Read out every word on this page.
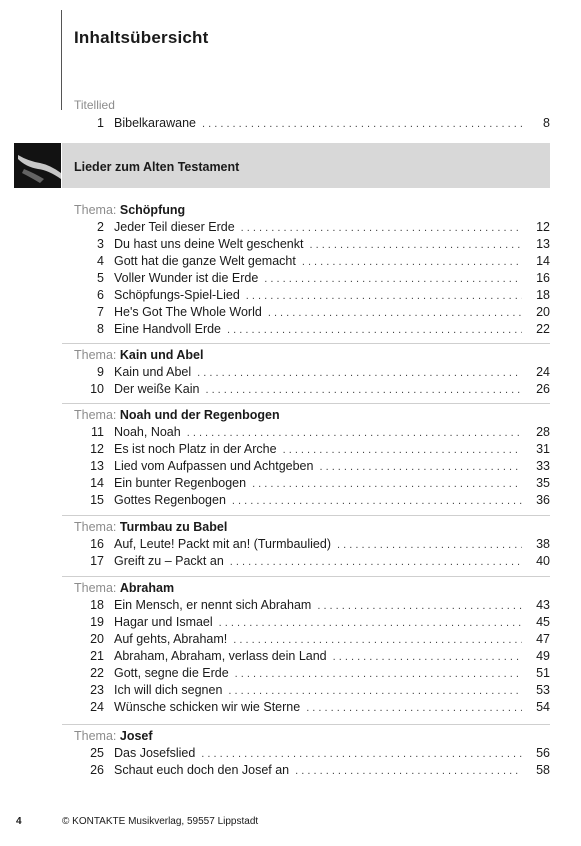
Inhaltsübersicht
Titellied
1 Bibelkarawane . . .	8
Lieder zum Alten Testament
Thema: Schöpfung
2 Jeder Teil dieser Erde . . .	12
3 Du hast uns deine Welt geschenkt . . .	13
4 Gott hat die ganze Welt gemacht . . .	14
5 Voller Wunder ist die Erde . . .	16
6 Schöpfungs-Spiel-Lied . . .	18
7 He's Got The Whole World . . .	20
8 Eine Handvoll Erde . . .	22
Thema: Kain und Abel
9 Kain und Abel . . .	24
10 Der weiße Kain . . .	26
Thema: Noah und der Regenbogen
11 Noah, Noah . . .	28
12 Es ist noch Platz in der Arche . . .	31
13 Lied vom Aufpassen und Achtgeben . . .	33
14 Ein bunter Regenbogen . . .	35
15 Gottes Regenbogen . . .	36
Thema: Turmbau zu Babel
16 Auf, Leute! Packt mit an! (Turmbaulied) . . .	38
17 Greift zu – Packt an . . .	40
Thema: Abraham
18 Ein Mensch, er nennt sich Abraham . . .	43
19 Hagar und Ismael . . .	45
20 Auf gehts, Abraham! . . .	47
21 Abraham, Abraham, verlass dein Land . . .	49
22 Gott, segne die Erde . . .	51
23 Ich will dich segnen . . .	53
24 Wünsche schicken wir wie Sterne . . .	54
Thema: Josef
25 Das Josefslied . . .	56
26 Schaut euch doch den Josef an . . .	58
4	© KONTAKTE Musikverlag, 59557 Lippstadt
